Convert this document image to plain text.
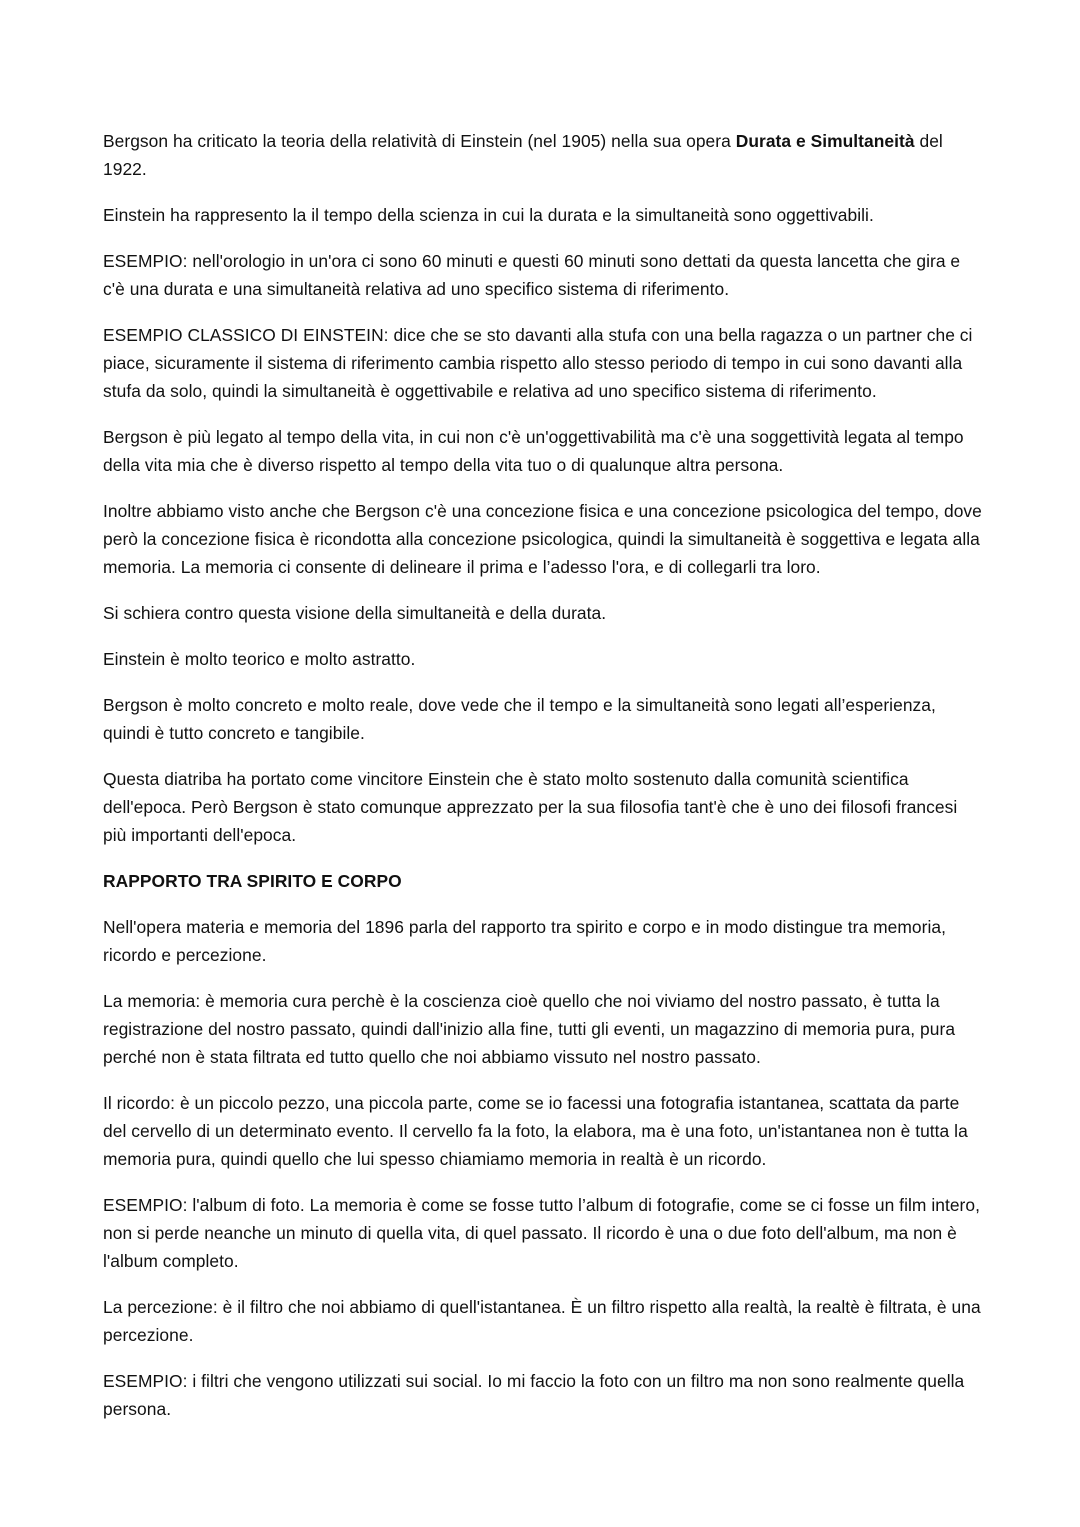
Bergson ha criticato la teoria della relatività di Einstein (nel 1905) nella sua opera Durata e Simultaneità del 1922.

Einstein ha rappresento la il tempo della scienza in cui la durata e la simultaneità sono oggettivabili.

ESEMPIO: nell'orologio in un'ora ci sono 60 minuti e questi 60 minuti sono dettati da questa lancetta che gira e c'è una durata e una simultaneità relativa ad uno specifico sistema di riferimento.

ESEMPIO CLASSICO DI EINSTEIN: dice che se sto davanti alla stufa con una bella ragazza o un partner che ci piace, sicuramente il sistema di riferimento cambia rispetto allo stesso periodo di tempo in cui sono davanti alla stufa da solo, quindi la simultaneità è oggettivabile e relativa ad uno specifico sistema di riferimento.

Bergson è più legato al tempo della vita, in cui non c'è un'oggettivabilità ma c'è una soggettività legata al tempo della vita mia che è diverso rispetto al tempo della vita tuo o di qualunque altra persona.

Inoltre abbiamo visto anche che Bergson c'è una concezione fisica e una concezione psicologica del tempo, dove però la concezione fisica è ricondotta alla concezione psicologica, quindi la simultaneità è soggettiva e legata alla memoria. La memoria ci consente di delineare il prima e l’adesso l'ora, e di collegarli tra loro.

Si schiera contro questa visione della simultaneità e della durata.

Einstein è molto teorico e molto astratto.

Bergson è molto concreto e molto reale, dove vede che il tempo e la simultaneità sono legati all’esperienza, quindi è tutto concreto e tangibile.

Questa diatriba ha portato come vincitore Einstein che è stato molto sostenuto dalla comunità scientifica dell'epoca. Però Bergson è stato comunque apprezzato per la sua filosofia tant'è che è uno dei filosofi francesi più importanti dell'epoca.

RAPPORTO TRA SPIRITO E CORPO

Nell'opera materia e memoria del 1896 parla del rapporto tra spirito e corpo e in modo distingue tra memoria, ricordo e percezione.

La memoria: è memoria cura perchè è la coscienza cioè quello che noi viviamo del nostro passato, è tutta la registrazione del nostro passato, quindi dall'inizio alla fine, tutti gli eventi, un magazzino di memoria pura, pura perché non è stata filtrata ed tutto quello che noi abbiamo vissuto nel nostro passato.

Il ricordo: è un piccolo pezzo, una piccola parte, come se io facessi una fotografia istantanea, scattata da parte del cervello di un determinato evento. Il cervello fa la foto, la elabora, ma è una foto, un'istantanea non è tutta la memoria pura, quindi quello che lui spesso chiamiamo memoria in realtà è un ricordo.

ESEMPIO: l'album di foto. La memoria è come se fosse tutto l’album di fotografie, come se ci fosse un film intero, non si perde neanche un minuto di quella vita, di quel passato. Il ricordo è una o due foto dell'album, ma non è l'album completo.

La percezione: è il filtro che noi abbiamo di quell'istantanea. È un filtro rispetto alla realtà, la realtè è filtrata, è una percezione.

ESEMPIO: i filtri che vengono utilizzati sui social. Io mi faccio la foto con un filtro ma non sono realmente quella persona.
